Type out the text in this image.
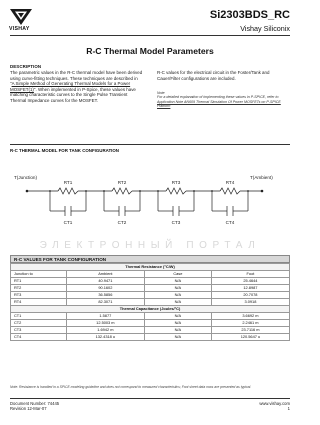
VISHAY
Si2303BDS_RC
Vishay Siliconix
R-C Thermal Model Parameters
DESCRIPTION
The parametric values in the R-C thermal model have been derived using curve-fitting techniques. These techniques are described in "A Simple Method of Generating Thermal Models for a Power MOSFET(1)". When implemented in P-Spice, these values have matching characteristic curves to the Single Pulse Transient Thermal Impedance curves for the MOSFET.
R-C values for the electrical circuit in the Foster/Tank and Cauer/Filter configurations are included.
Note
For a detailed explanation of implementing these values in P-SPICE, refer to Application Note AN609 Thermal Simulation Of Power MOSFETs on P-SPICE Platform
R-C THERMAL MODEL FOR TANK CONFIGURATION
T(Junction)	T(Ambient)
RT1	RT2	RT3	RT4
CT1	CT2	CT3	CT4
ЭЛЕКТРОННЫЙ ПОРТАЛ
R-C VALUES FOR TANK CONFIGURATION
Thermal Resistance (°C/W)			
Junction to	Ambient	Case	Foot
RT1	40.9471	N/A	25.4644
RT2	90.1602	N/A	12.8987
RT3	36.5856	N/A	20.7078
RT4	82.3071	N/A	3.0918
Thermal Capacitance (Joules/°C)			
CT1	1.5877	N/A	3.6692 m
CT2	12.5003 m	N/A	2.2461 m
CT3	1.6942 m	N/A	23.7116 m
CT4	132.4318 u	N/A	120.5647 u
Note: Resistance is handled in a SPICE modeling guideline and does not correspond to measured characteristics; Foot sheet data rows are presented as typical.
Document Number: 74445
Revision 12-Mar-07
www.vishay.com
1
